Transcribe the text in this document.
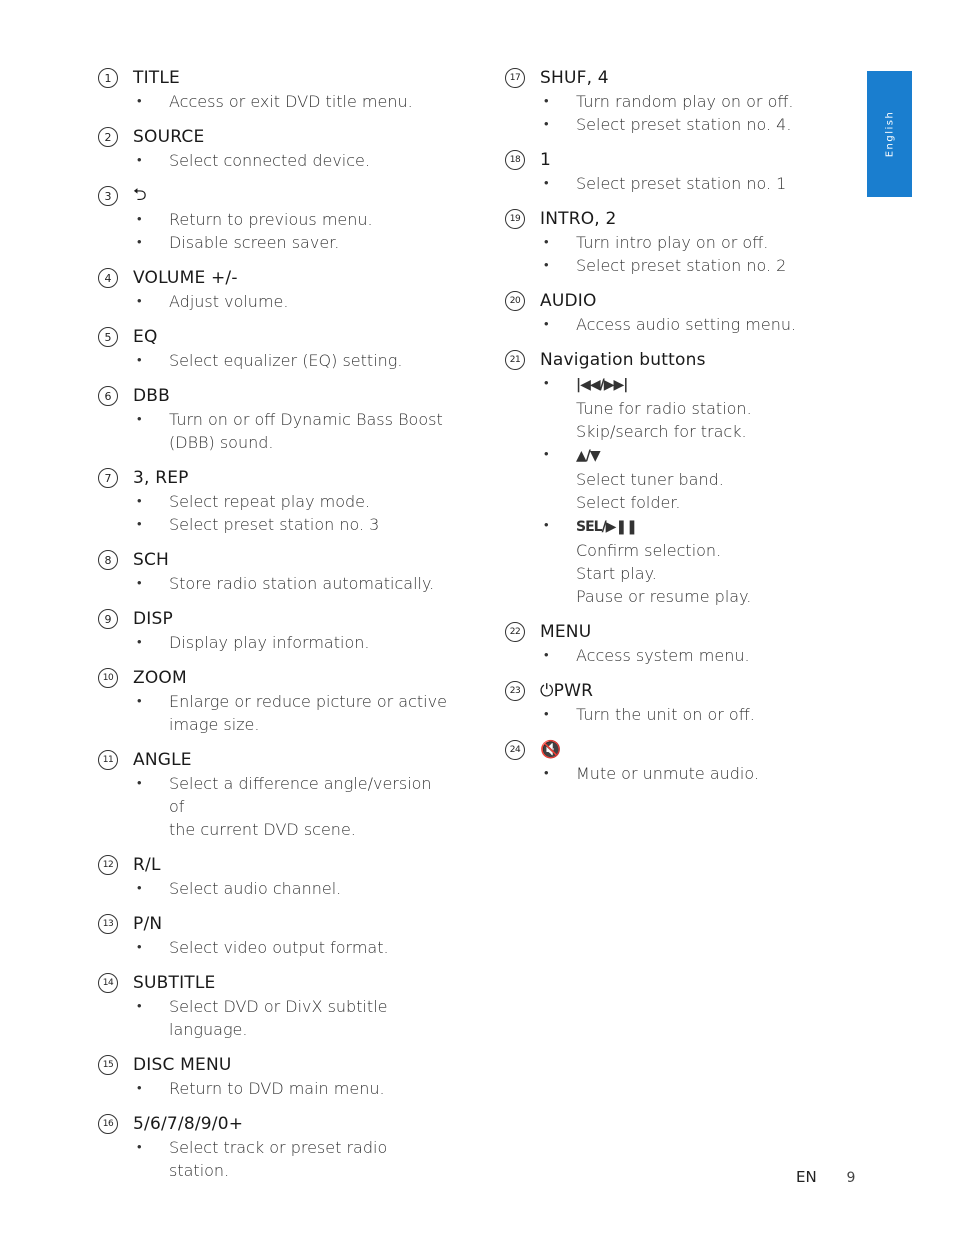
1	TITLE
• Access or exit DVD title menu.
2	SOURCE
• Select connected device.
3	⮌
• Return to previous menu.
• Disable screen saver.
4	VOLUME +/-
• Adjust volume.
5	EQ
• Select equalizer (EQ) setting.
6	DBB
• Turn on or off Dynamic Bass Boost
(DBB) sound.
7	3, REP
• Select repeat play mode.
• Select preset station no. 3
8	SCH
• Store radio station automatically.
9	DISP
• Display play information.
10 ZOOM
• Enlarge or reduce picture or active
image size.
11 ANGLE
• Select a difference angle/version of
the current DVD scene.
12 R/L
• Select audio channel.
13 P/N
• Select video output format.
14 SUBTITLE
• Select DVD or DivX subtitle
language.
15 DISC MENU
• Return to DVD main menu.
16 5/6/7/8/9/0+
• Select track or preset radio station.
17 SHUF, 4
• Turn random play on or off.
• Select preset station no. 4.
18 1
• Select preset station no. 1
19 INTRO, 2
• Turn intro play on or off.
• Select preset station no. 2
20 AUDIO
• Access audio setting menu.
21 Navigation buttons
• |◀◀/▶▶|
Tune for radio station.
Skip/search for track.
• ▲/▼
Select tuner band.
Select folder.
• SEL/▶❚❚
Confirm selection.
Start play.
Pause or resume play.
22 MENU
• Access system menu.
23 ⏻PWR
• Turn the unit on or off.
24 🔇
• Mute or unmute audio.
English
EN 9
